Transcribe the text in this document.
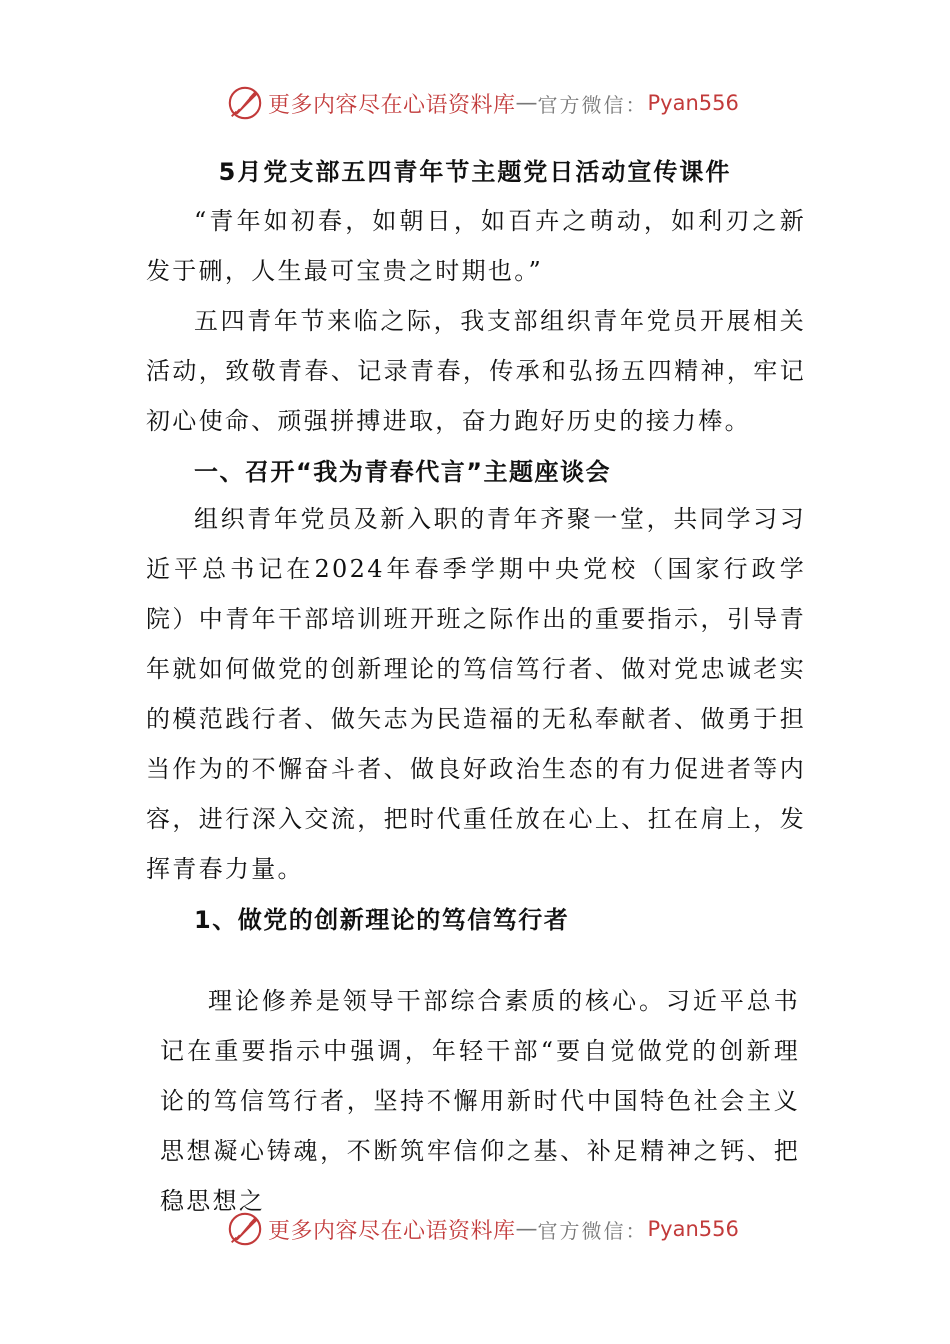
更多内容尽在心语资料库 — 官方微信： Pyan556
5月党支部五四青年节主题党日活动宣传课件

“青年如初春，如朝日，如百卉之萌动，如利刃之新发于硎，人生最可宝贵之时期也。”

五四青年节来临之际，我支部组织青年党员开展相关活动，致敬青春、记录青春，传承和弘扬五四精神，牢记初心使命、顽强拼搏进取，奋力跑好历史的接力棒。

一、召开“我为青春代言”主题座谈会

组织青年党员及新入职的青年齐聚一堂，共同学习习近平总书记在2024年春季学期中央党校（国家行政学院）中青年干部培训班开班之际作出的重要指示，引导青年就如何做党的创新理论的笃信笃行者、做对党忠诚老实的模范践行者、做矢志为民造福的无私奉献者、做勇于担当作为的不懈奋斗者、做良好政治生态的有力促进者等内容，进行深入交流，把时代重任放在心上、扛在肩上，发挥青春力量。

1、做党的创新理论的笃信笃行者

理论修养是领导干部综合素质的核心。习近平总书记在重要指示中强调，年轻干部“要自觉做党的创新理论的笃信笃行者，坚持不懈用新时代中国特色社会主义思想凝心铸魂，不断筑牢信仰之基、补足精神之钙、把稳思想之

更多内容尽在心语资料库 — 官方微信： Pyan556
